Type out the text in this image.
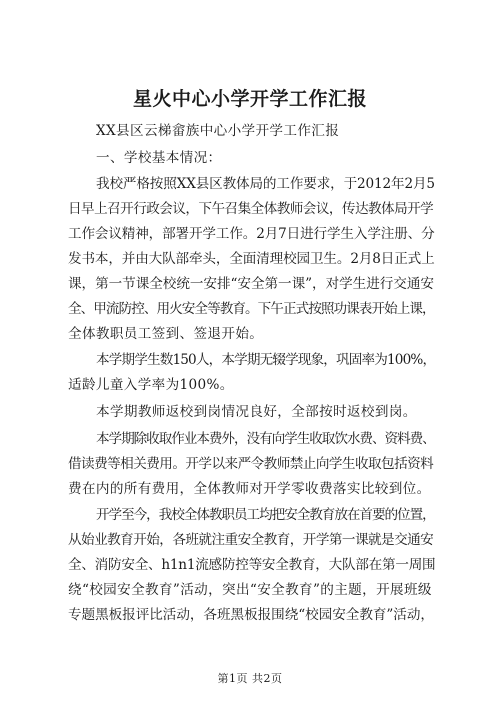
星火中心小学开学工作汇报

XX县区云梯畲族中心小学开学工作汇报

一、学校基本情况：

我校严格按照XX县区教体局的工作要求，于2012年2月5

日早上召开行政会议，下午召集全体教师会议，传达教体局开学

工作会议精神，部署开学工作。2月7日进行学生入学注册、分

发书本，并由大队部牵头，全面清理校园卫生。2月8日正式上

课，第一节课全校统一安排“安全第一课”，对学生进行交通安

全、甲流防控、用火安全等教育。下午正式按照功课表开始上课，

全体教职员工签到、签退开始。

本学期学生数150人，本学期无辍学现象，巩固率为100%，

适龄儿童入学率为100%。

本学期教师返校到岗情况良好，全部按时返校到岗。

本学期除收取作业本费外，没有向学生收取饮水费、资料费、

借读费等相关费用。开学以来严令教师禁止向学生收取包括资料

费在内的所有费用，全体教师对开学零收费落实比较到位。

开学至今，我校全体教职员工均把安全教育放在首要的位置，

从始业教育开始，各班就注重安全教育，开学第一课就是交通安

全、消防安全、h1n1流感防控等安全教育，大队部在第一周围

绕“校园安全教育”活动，突出“安全教育”的主题，开展班级

专题黑板报评比活动，各班黑板报围绕“校园安全教育”活动，

第1页 共2页
